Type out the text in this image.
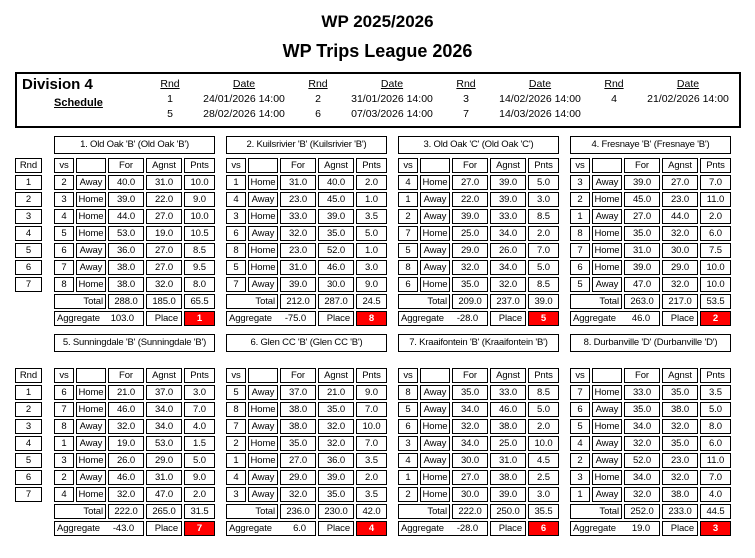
WP 2025/2026
WP Trips League 2026
Division 4
Schedule
Rnd	Date	Rnd	Date	Rnd	Date	Rnd	Date
1	24/01/2026 14:00	2	31/01/2026 14:00	3	14/02/2026 14:00	4	21/02/2026 14:00
5	28/02/2026 14:00	6	07/03/2026 14:00	7	14/03/2026 14:00
Rnd
1
2
3
4
5
6
7
1. Old Oak 'B' (Old Oak 'B')
vs	For	Agnst	Pnts
2	Away	40.0	31.0	10.0
3	Home	39.0	22.0	9.0
4	Home	44.0	27.0	10.0
5	Home	53.0	19.0	10.5
6	Away	36.0	27.0	8.5
7	Away	38.0	27.0	9.5
8	Home	38.0	32.0	8.0
Total	288.0	185.0	65.5
Aggregate 103.0	Place	1
2. Kuilsrivier 'B' (Kuilsrivier 'B')
vs	For	Agnst	Pnts
1	Home	31.0	40.0	2.0
4	Away	23.0	45.0	1.0
3	Home	33.0	39.0	3.5
6	Away	32.0	35.0	5.0
8	Home	23.0	52.0	1.0
5	Home	31.0	46.0	3.0
7	Away	39.0	30.0	9.0
Total	212.0	287.0	24.5
Aggregate -75.0	Place	8
3. Old Oak 'C' (Old Oak 'C')
vs	For	Agnst	Pnts
4	Home	27.0	39.0	5.0
1	Away	22.0	39.0	3.0
2	Away	39.0	33.0	8.5
7	Home	25.0	34.0	2.0
5	Away	29.0	26.0	7.0
8	Away	32.0	34.0	5.0
6	Home	35.0	32.0	8.5
Total	209.0	237.0	39.0
Aggregate -28.0	Place	5
4. Fresnaye 'B' (Fresnaye 'B')
vs	For	Agnst	Pnts
3	Away	39.0	27.0	7.0
2	Home	45.0	23.0	11.0
1	Away	27.0	44.0	2.0
8	Home	35.0	32.0	6.0
7	Home	31.0	30.0	7.5
6	Home	39.0	29.0	10.0
5	Away	47.0	32.0	10.0
Total	263.0	217.0	53.5
Aggregate 46.0	Place	2
Rnd
1
2
3
4
5
6
7
5. Sunningdale 'B' (Sunningdale 'B')
vs	For	Agnst	Pnts
6	Home	21.0	37.0	3.0
7	Home	46.0	34.0	7.0
8	Away	32.0	34.0	4.0
1	Away	19.0	53.0	1.5
3	Home	26.0	29.0	5.0
2	Away	46.0	31.0	9.0
4	Home	32.0	47.0	2.0
Total	222.0	265.0	31.5
Aggregate -43.0	Place	7
6. Glen CC 'B' (Glen CC 'B')
vs	For	Agnst	Pnts
5	Away	37.0	21.0	9.0
8	Home	38.0	35.0	7.0
7	Away	38.0	32.0	10.0
2	Home	35.0	32.0	7.0
1	Home	27.0	36.0	3.5
4	Away	29.0	39.0	2.0
3	Away	32.0	35.0	3.5
Total	236.0	230.0	42.0
Aggregate 6.0	Place	4
7. Kraaifontein 'B' (Kraaifontein 'B')
vs	For	Agnst	Pnts
8	Away	35.0	33.0	8.5
5	Away	34.0	46.0	5.0
6	Home	32.0	38.0	2.0
3	Away	34.0	25.0	10.0
4	Away	30.0	31.0	4.5
1	Home	27.0	38.0	2.5
2	Home	30.0	39.0	3.0
Total	222.0	250.0	35.5
Aggregate -28.0	Place	6
8. Durbanville 'D' (Durbanville 'D')
vs	For	Agnst	Pnts
7	Home	33.0	35.0	3.5
6	Away	35.0	38.0	5.0
5	Home	34.0	32.0	8.0
4	Away	32.0	35.0	6.0
2	Away	52.0	23.0	11.0
3	Home	34.0	32.0	7.0
1	Away	32.0	38.0	4.0
Total	252.0	233.0	44.5
Aggregate 19.0	Place	3
